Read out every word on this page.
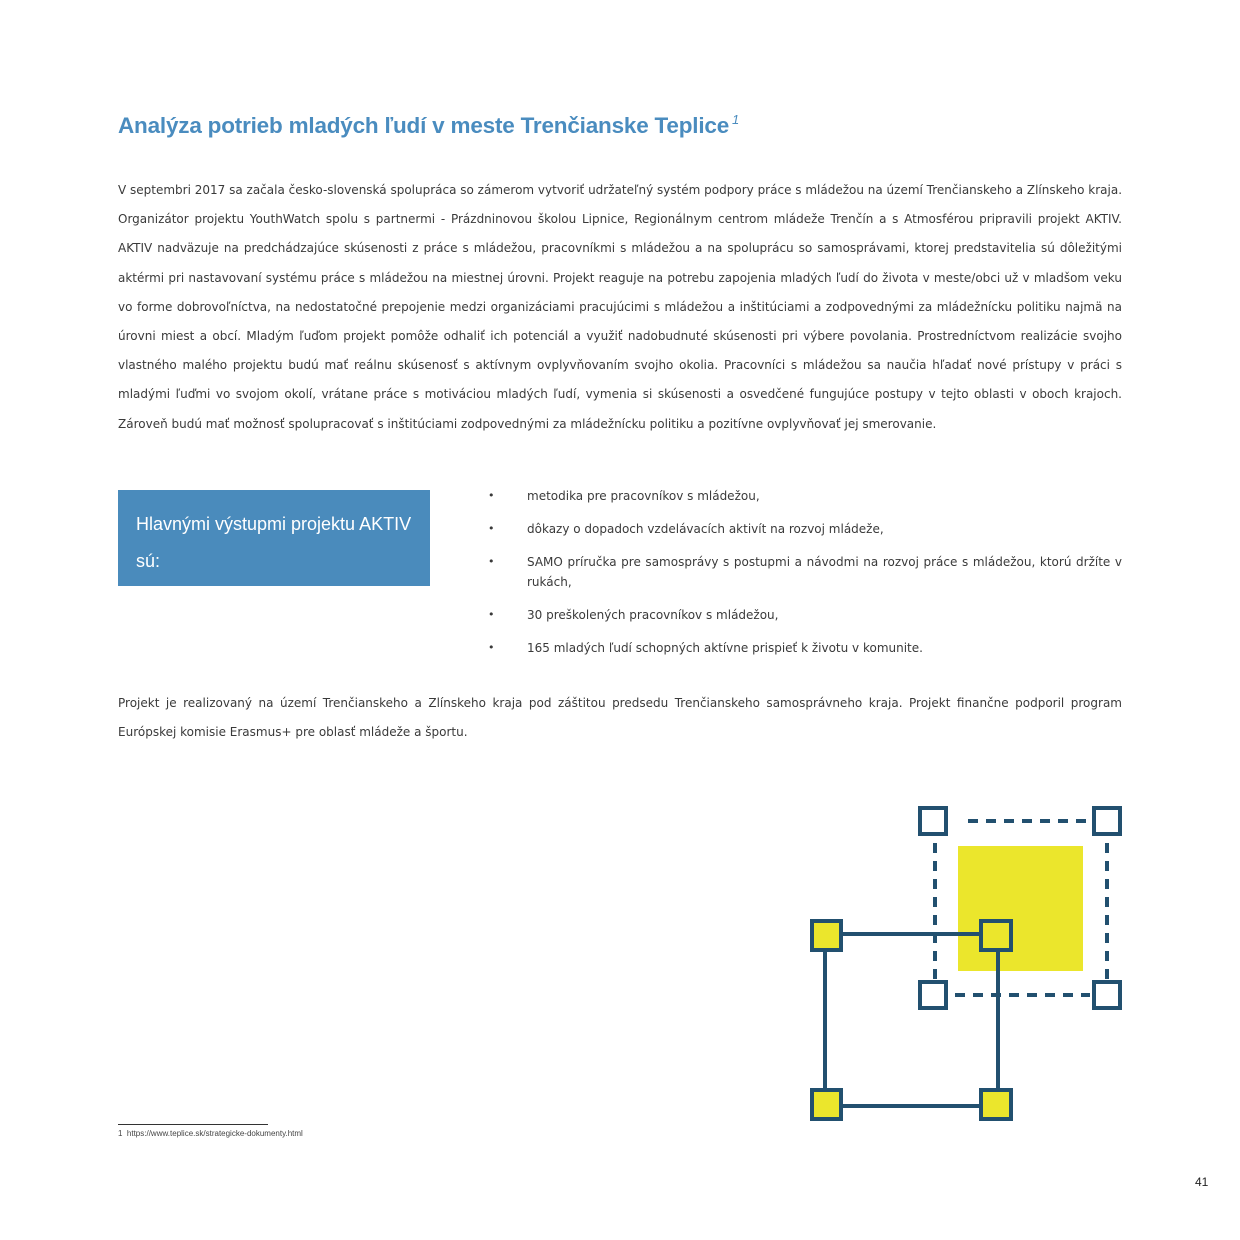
Analýza potrieb mladých ľudí v meste Trenčianske Teplice $^1$

V septembri 2017 sa začala česko-slovenská spolupráca so zámerom vytvoriť udržateľný systém podpory práce s mládežou na území Trenčianskeho a Zlínskeho kraja. Organizátor projektu YouthWatch spolu s partnermi - Prázdninovou školou Lipnice, Regionálnym centrom mládeže Trenčín a s Atmosférou pripravili projekt AKTIV. AKTIV nadväzuje na predchádzajúce skúsenosti z práce s mládežou, pracovníkmi s mládežou a na spoluprácu so samosprávami, ktorej predstavitelia sú dôležitými aktérmi pri nastavovaní systému práce s mládežou na miestnej úrovni. Projekt reaguje na potrebu zapojenia mladých ľudí do života v meste/obci už v mladšom veku vo forme dobrovoľníctva, na nedostatočné prepojenie medzi organizáciami pracujúcimi s mládežou a inštitúciami a zodpovednými za mládežnícku politiku najmä na úrovni miest a obcí. Mladým ľuďom projekt pomôže odhaliť ich potenciál a využiť nadobudnuté skúsenosti pri výbere povolania. Prostredníctvom realizácie svojho vlastného malého projektu budú mať reálnu skúsenosť s aktívnym ovplyvňovaním svojho okolia. Pracovníci s mládežou sa naučia hľadať nové prístupy v práci s mladými ľuďmi vo svojom okolí, vrátane práce s motiváciou mladých ľudí, vymenia si skúsenosti a osvedčené fungujúce postupy v tejto oblasti v oboch krajoch. Zároveň budú mať možnosť spolupracovať s inštitúciami zodpovednými za mládežnícku politiku a pozitívne ovplyvňovať jej smerovanie.

Hlavnými výstupmi projektu AKTIV sú:
•	metodika pre pracovníkov s mládežou,
•	dôkazy o dopadoch vzdelávacích aktivít na rozvoj mládeže,
•	SAMO príručka pre samosprávy s postupmi a návodmi na rozvoj práce s mládežou, ktorú držíte v rukách,
•	30 preškolených pracovníkov s mládežou,
•	165 mladých ľudí schopných aktívne prispieť k životu v komunite.

Projekt je realizovaný na území Trenčianskeho a Zlínskeho kraja pod záštitou predsedu Trenčianskeho samosprávneho kraja. Projekt finančne podporil program Európskej komisie Erasmus+ pre oblasť mládeže a športu.

1 https://www.teplice.sk/strategicke-dokumenty.html
41
